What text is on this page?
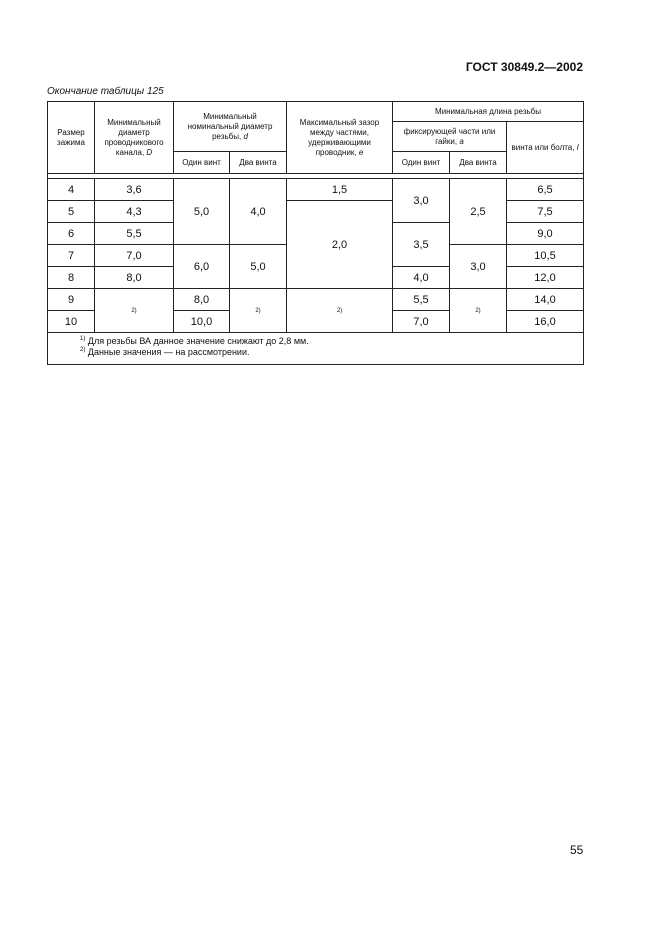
ГОСТ 30849.2—2002
Окончание таблицы 125
Размер зажима	Минимальный диаметр проводникового канала, D	Минимальный номинальный диаметр резьбы, d		Максимальный зазор между частями, удерживающими проводник, e	Минимальная длина резьбы		
					фиксирующей части или гайки, a		винта или болта, l
		Один винт	Два винта		Один винт	Два винта	

4	3,6	5,0	4,0	1,5	3,0	2,5	6,5
5	4,3			2,0			7,5
6	5,5				3,5		9,0
7	7,0	6,0	5,0			3,0	10,5
8	8,0				4,0		12,0
9	2)	8,0	2)	2)	5,5	2)	14,0
10		10,0			7,0		16,0

$^{1)}$ Для резьбы ВА данное значение снижают до 2,8 мм.
$^{2)}$ Данные значения — на рассмотрении.							
55
